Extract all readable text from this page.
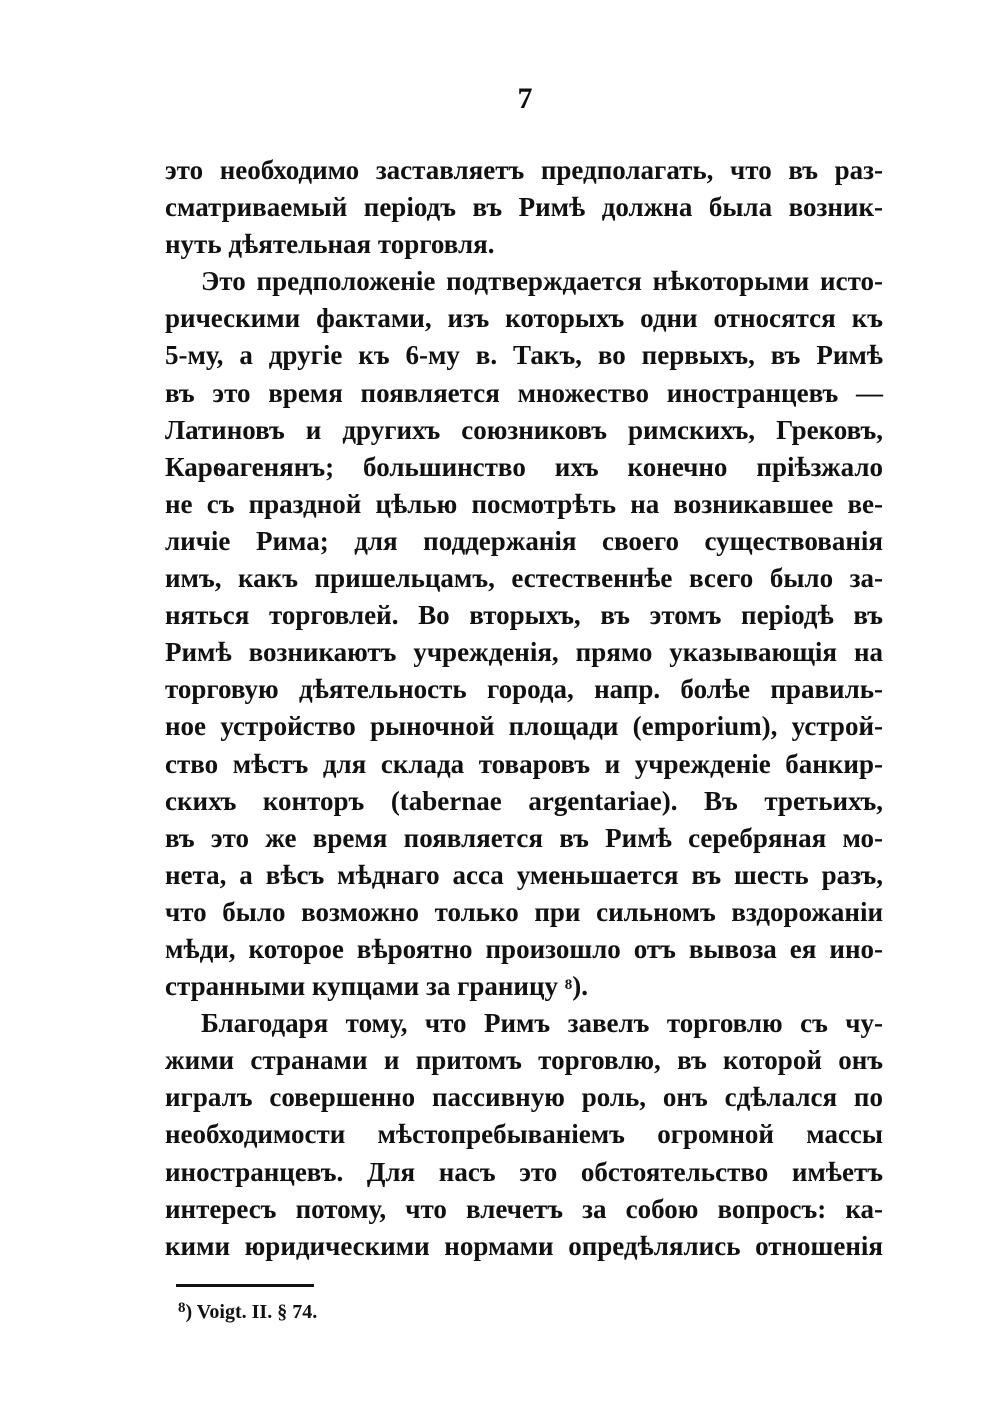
7
это необходимо заставляетъ предполагать, что въ раз-
сматриваемый періодъ въ Римѣ должна была возник-
нуть дѣятельная торговля.
Это предположеніе подтверждается нѣкоторыми исто-
рическими фактами, изъ которыхъ одни относятся къ
5-му, а другіе къ 6-му в. Такъ, во первыхъ, въ Римѣ
въ это время появляется множество иностранцевъ —
Латиновъ и другихъ союзниковъ римскихъ, Грековъ,
Карѳагенянъ; большинство ихъ конечно пріѣзжало
не съ праздной цѣлью посмотрѣть на возникавшее ве-
личіе Рима; для поддержанія своего существованія
имъ, какъ пришельцамъ, естественнѣе всего было за-
няться торговлей. Во вторыхъ, въ этомъ періодѣ въ
Римѣ возникаютъ учрежденія, прямо указывающія на
торговую дѣятельность города, напр. болѣе правиль-
ное устройство рыночной площади (emporium), устрой-
ство мѣстъ для склада товаровъ и учрежденіе банкир-
скихъ конторъ (tabernae argentariae). Въ третьихъ,
въ это же время появляется въ Римѣ серебряная мо-
нета, а вѣсъ мѣднаго асса уменьшается въ шесть разъ,
что было возможно только при сильномъ вздорожаніи
мѣди, которое вѣроятно произошло отъ вывоза ея ино-
странными купцами за границу $^8$).
Благодаря тому, что Римъ завелъ торговлю съ чу-
жими странами и притомъ торговлю, въ которой онъ
игралъ совершенно пассивную роль, онъ сдѣлался по
необходимости мѣстопребываніемъ огромной массы
иностранцевъ. Для насъ это обстоятельство имѣетъ
интересъ потому, что влечетъ за собою вопросъ: ка-
кими юридическими нормами опредѣлялись отношенія
$^8$) Voigt. II. § 74.
